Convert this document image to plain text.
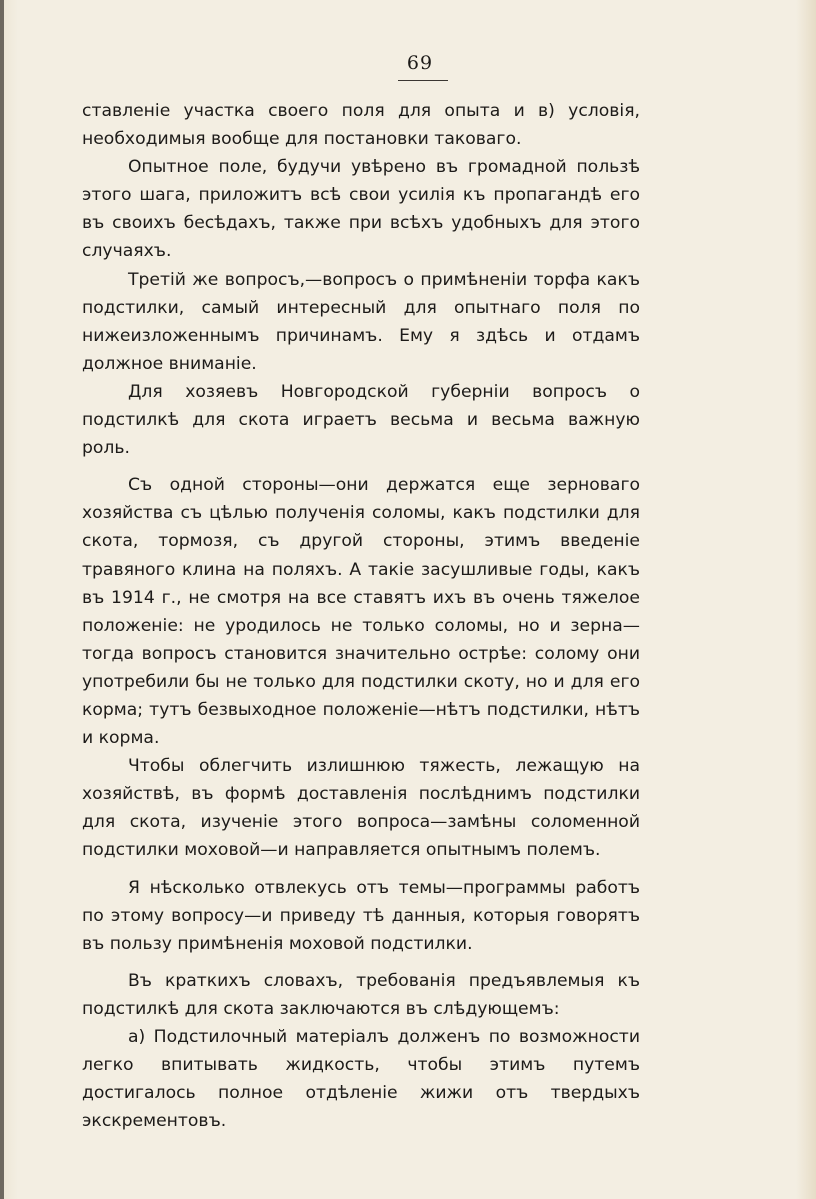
69

ставленіе участка своего поля для опыта и в) условія, необходимыя вообще для постановки таковаго.

Опытное поле, будучи увѣрено въ громадной пользѣ этого шага, приложитъ всѣ свои усилія къ пропагандѣ его въ своихъ бесѣдахъ, также при всѣхъ удобныхъ для этого случаяхъ.

Третій же вопросъ,—вопросъ о примѣненіи торфа какъ подстилки, самый интересный для опытнаго поля по нижеизложеннымъ причинамъ. Ему я здѣсь и отдамъ должное вниманіе.

Для хозяевъ Новгородской губерніи вопросъ о подстилкѣ для скота играетъ весьма и весьма важную роль.

Съ одной стороны—они держатся еще зерноваго хозяйства съ цѣлью полученія соломы, какъ подстилки для скота, тормозя, съ другой стороны, этимъ введеніе травяного клина на поляхъ. А такіе засушливые годы, какъ въ 1914 г., не смотря на все ставятъ ихъ въ очень тяжелое положеніе: не уродилось не только соломы, но и зерна—тогда вопросъ становится значительно острѣе: солому они употребили бы не только для подстилки скоту, но и для его корма; тутъ безвыходное положеніе—нѣтъ подстилки, нѣтъ и корма.

Чтобы облегчить излишнюю тяжесть, лежащую на хозяйствѣ, въ формѣ доставленія послѣднимъ подстилки для скота, изученіе этого вопроса—замѣны соломенной подстилки моховой—и направляется опытнымъ полемъ.

Я нѣсколько отвлекусь отъ темы—программы работъ по этому вопросу—и приведу тѣ данныя, которыя говорятъ въ пользу примѣненія моховой подстилки.

Въ краткихъ словахъ, требованія предъявлемыя къ подстилкѣ для скота заключаются въ слѣдующемъ:

а) Подстилочный матеріалъ долженъ по возможности легко впитывать жидкость, чтобы этимъ путемъ достигалось полное отдѣленіе жижи отъ твердыхъ экскрементовъ.
